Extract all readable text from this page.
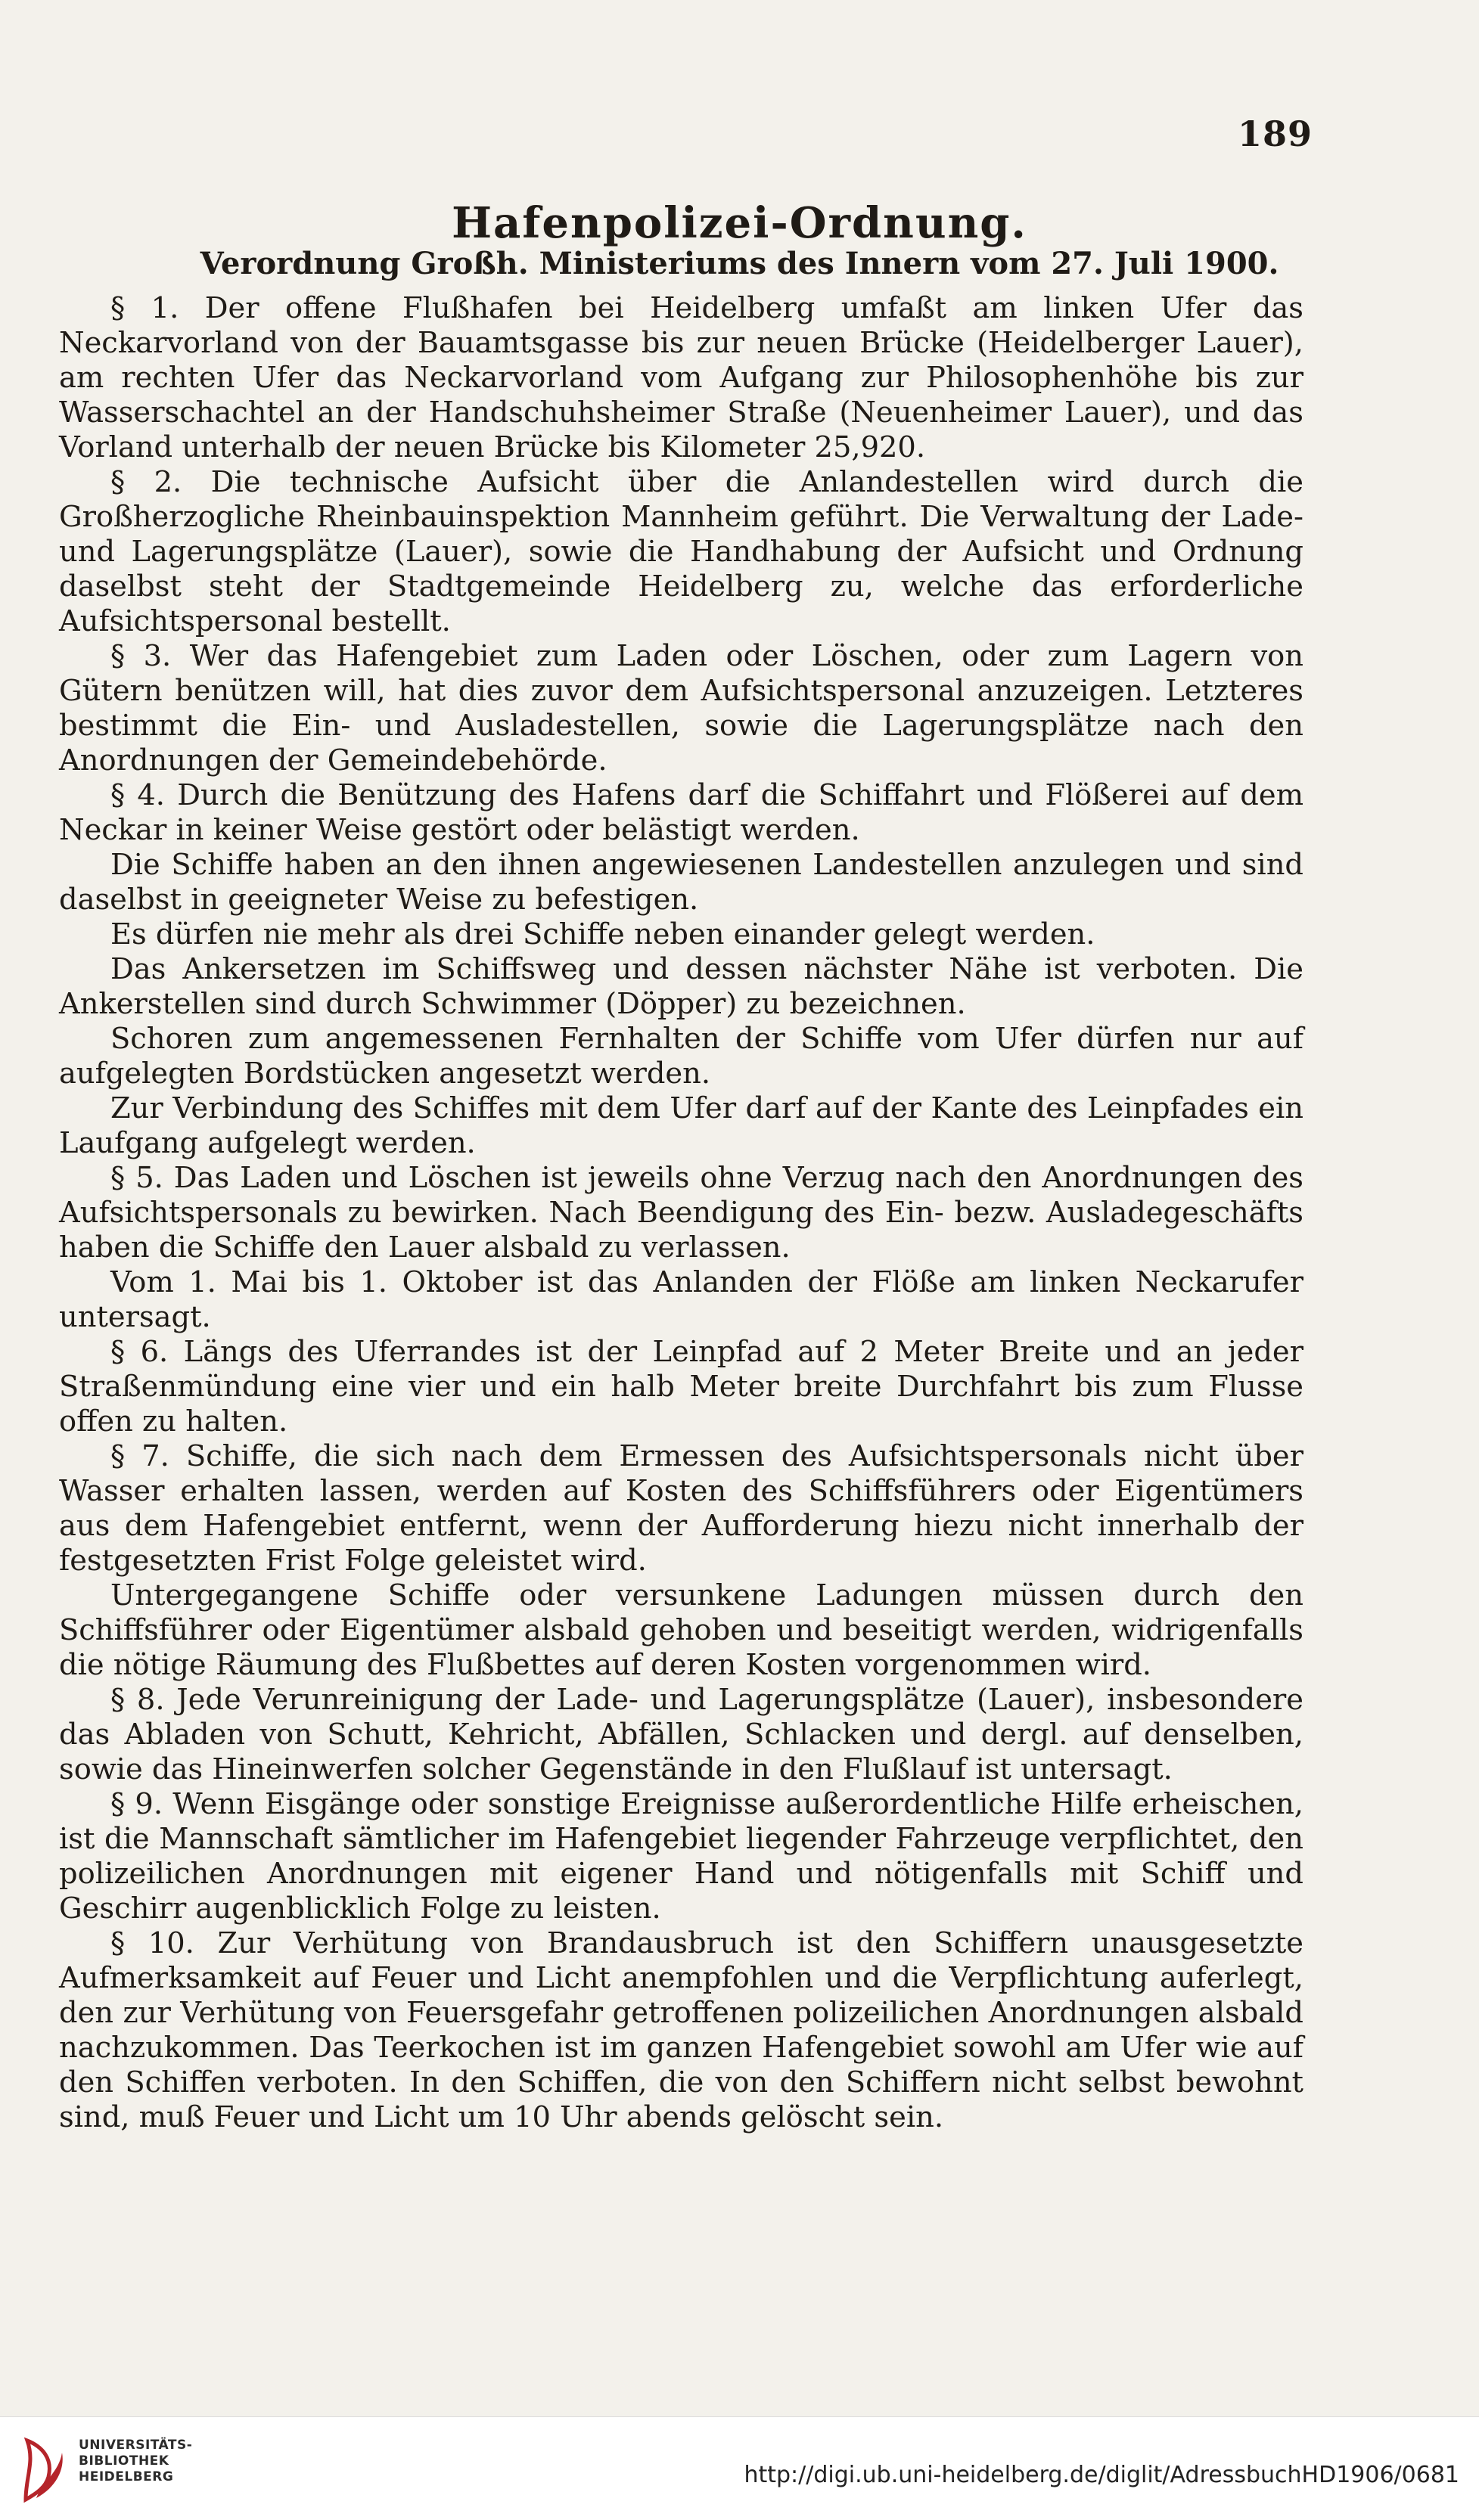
189
Hafenpolizei-Ordnung.
Verordnung Großh. Ministeriums des Innern vom 27. Juli 1900.

§ 1. Der offene Flußhafen bei Heidelberg umfaßt am linken Ufer das Neckarvorland von der Bauamtsgasse bis zur neuen Brücke (Heidelberger Lauer), am rechten Ufer das Neckarvorland vom Aufgang zur Philosophenhöhe bis zur Wasserschachtel an der Handschuhsheimer Straße (Neuenheimer Lauer), und das Vorland unterhalb der neuen Brücke bis Kilometer 25,920.

§ 2. Die technische Aufsicht über die Anlandestellen wird durch die Großherzogliche Rheinbauinspektion Mannheim geführt. Die Verwaltung der Lade- und Lagerungsplätze (Lauer), sowie die Handhabung der Aufsicht und Ordnung daselbst steht der Stadtgemeinde Heidelberg zu, welche das erforderliche Aufsichtspersonal bestellt.

§ 3. Wer das Hafengebiet zum Laden oder Löschen, oder zum Lagern von Gütern benützen will, hat dies zuvor dem Aufsichtspersonal anzuzeigen. Letzteres bestimmt die Ein- und Ausladestellen, sowie die Lagerungsplätze nach den Anordnungen der Gemeindebehörde.

§ 4. Durch die Benützung des Hafens darf die Schiffahrt und Flößerei auf dem Neckar in keiner Weise gestört oder belästigt werden.

Die Schiffe haben an den ihnen angewiesenen Landestellen anzulegen und sind daselbst in geeigneter Weise zu befestigen.

Es dürfen nie mehr als drei Schiffe neben einander gelegt werden.

Das Ankersetzen im Schiffsweg und dessen nächster Nähe ist verboten. Die Ankerstellen sind durch Schwimmer (Döpper) zu bezeichnen.

Schoren zum angemessenen Fernhalten der Schiffe vom Ufer dürfen nur auf aufgelegten Bordstücken angesetzt werden.

Zur Verbindung des Schiffes mit dem Ufer darf auf der Kante des Leinpfades ein Laufgang aufgelegt werden.

§ 5. Das Laden und Löschen ist jeweils ohne Verzug nach den Anordnungen des Aufsichtspersonals zu bewirken. Nach Beendigung des Ein- bezw. Ausladegeschäfts haben die Schiffe den Lauer alsbald zu verlassen.

Vom 1. Mai bis 1. Oktober ist das Anlanden der Flöße am linken Neckarufer untersagt.

§ 6. Längs des Uferrandes ist der Leinpfad auf 2 Meter Breite und an jeder Straßenmündung eine vier und ein halb Meter breite Durchfahrt bis zum Flusse offen zu halten.

§ 7. Schiffe, die sich nach dem Ermessen des Aufsichtspersonals nicht über Wasser erhalten lassen, werden auf Kosten des Schiffsführers oder Eigentümers aus dem Hafengebiet entfernt, wenn der Aufforderung hiezu nicht innerhalb der festgesetzten Frist Folge geleistet wird.

Untergegangene Schiffe oder versunkene Ladungen müssen durch den Schiffsführer oder Eigentümer alsbald gehoben und beseitigt werden, widrigenfalls die nötige Räumung des Flußbettes auf deren Kosten vorgenommen wird.

§ 8. Jede Verunreinigung der Lade- und Lagerungsplätze (Lauer), insbesondere das Abladen von Schutt, Kehricht, Abfällen, Schlacken und dergl. auf denselben, sowie das Hineinwerfen solcher Gegenstände in den Flußlauf ist untersagt.

§ 9. Wenn Eisgänge oder sonstige Ereignisse außerordentliche Hilfe erheischen, ist die Mannschaft sämtlicher im Hafengebiet liegender Fahrzeuge verpflichtet, den polizeilichen Anordnungen mit eigener Hand und nötigenfalls mit Schiff und Geschirr augenblicklich Folge zu leisten.

§ 10. Zur Verhütung von Brandausbruch ist den Schiffern unausgesetzte Aufmerksamkeit auf Feuer und Licht anempfohlen und die Verpflichtung auferlegt, den zur Verhütung von Feuersgefahr getroffenen polizeilichen Anordnungen alsbald nachzukommen. Das Teerkochen ist im ganzen Hafengebiet sowohl am Ufer wie auf den Schiffen verboten. In den Schiffen, die von den Schiffern nicht selbst bewohnt sind, muß Feuer und Licht um 10 Uhr abends gelöscht sein.

UNIVERSITÄTS-
BIBLIOTHEK
HEIDELBERG	http://digi.ub.uni-heidelberg.de/diglit/AdressbuchHD1906/0681
